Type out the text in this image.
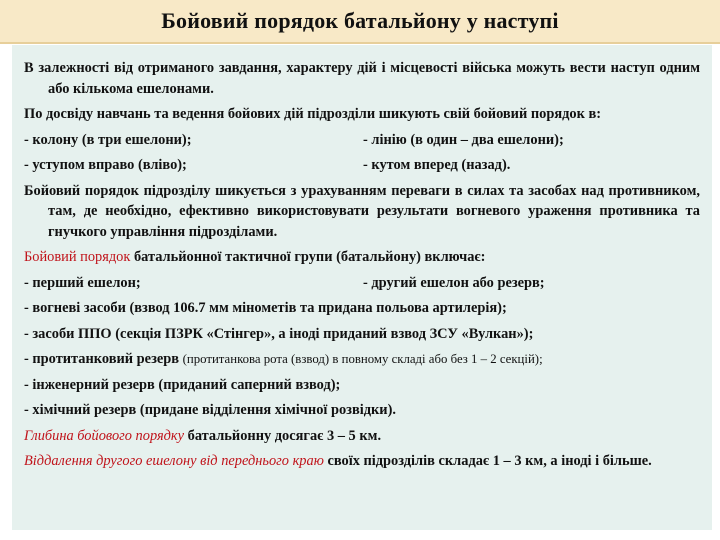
Бойовий порядок батальйону у наступі

В залежності від отриманого завдання, характеру дій і місцевості війська можуть вести наступ одним або кількома ешелонами.

По досвіду навчань та ведення бойових дій підрозділи шикують свій бойовий порядок в:

- колону (в три ешелони);	- лінію (в один – два ешелони);
- уступом вправо (вліво);	- кутом вперед (назад).

Бойовий порядок підрозділу шикується з урахуванням переваги в силах та засобах над противником, там, де необхідно, ефективно використовувати результати вогневого ураження противника та гнучкого управління підрозділами.

Бойовий порядок батальйонної тактичної групи (батальйону) включає:

- перший ешелон;	- другий ешелон або резерв;

- вогневі засоби (взвод 106.7 мм мінометів та придана польова артилерія);

- засоби ППО (секція ПЗРК «Стінгер», а іноді приданий взвод ЗСУ «Вулкан»);

- протитанковий резерв (протитанкова рота (взвод) в повному складі або без 1 – 2 секцій);

- інженерний резерв (приданий саперний взвод);

- хімічний резерв (придане відділення хімічної розвідки).

Глибина бойового порядку батальйонну досягає 3 – 5 км.

Віддалення другого ешелону від переднього краю своїх підрозділів складає 1 – 3 км, а іноді і більше.
